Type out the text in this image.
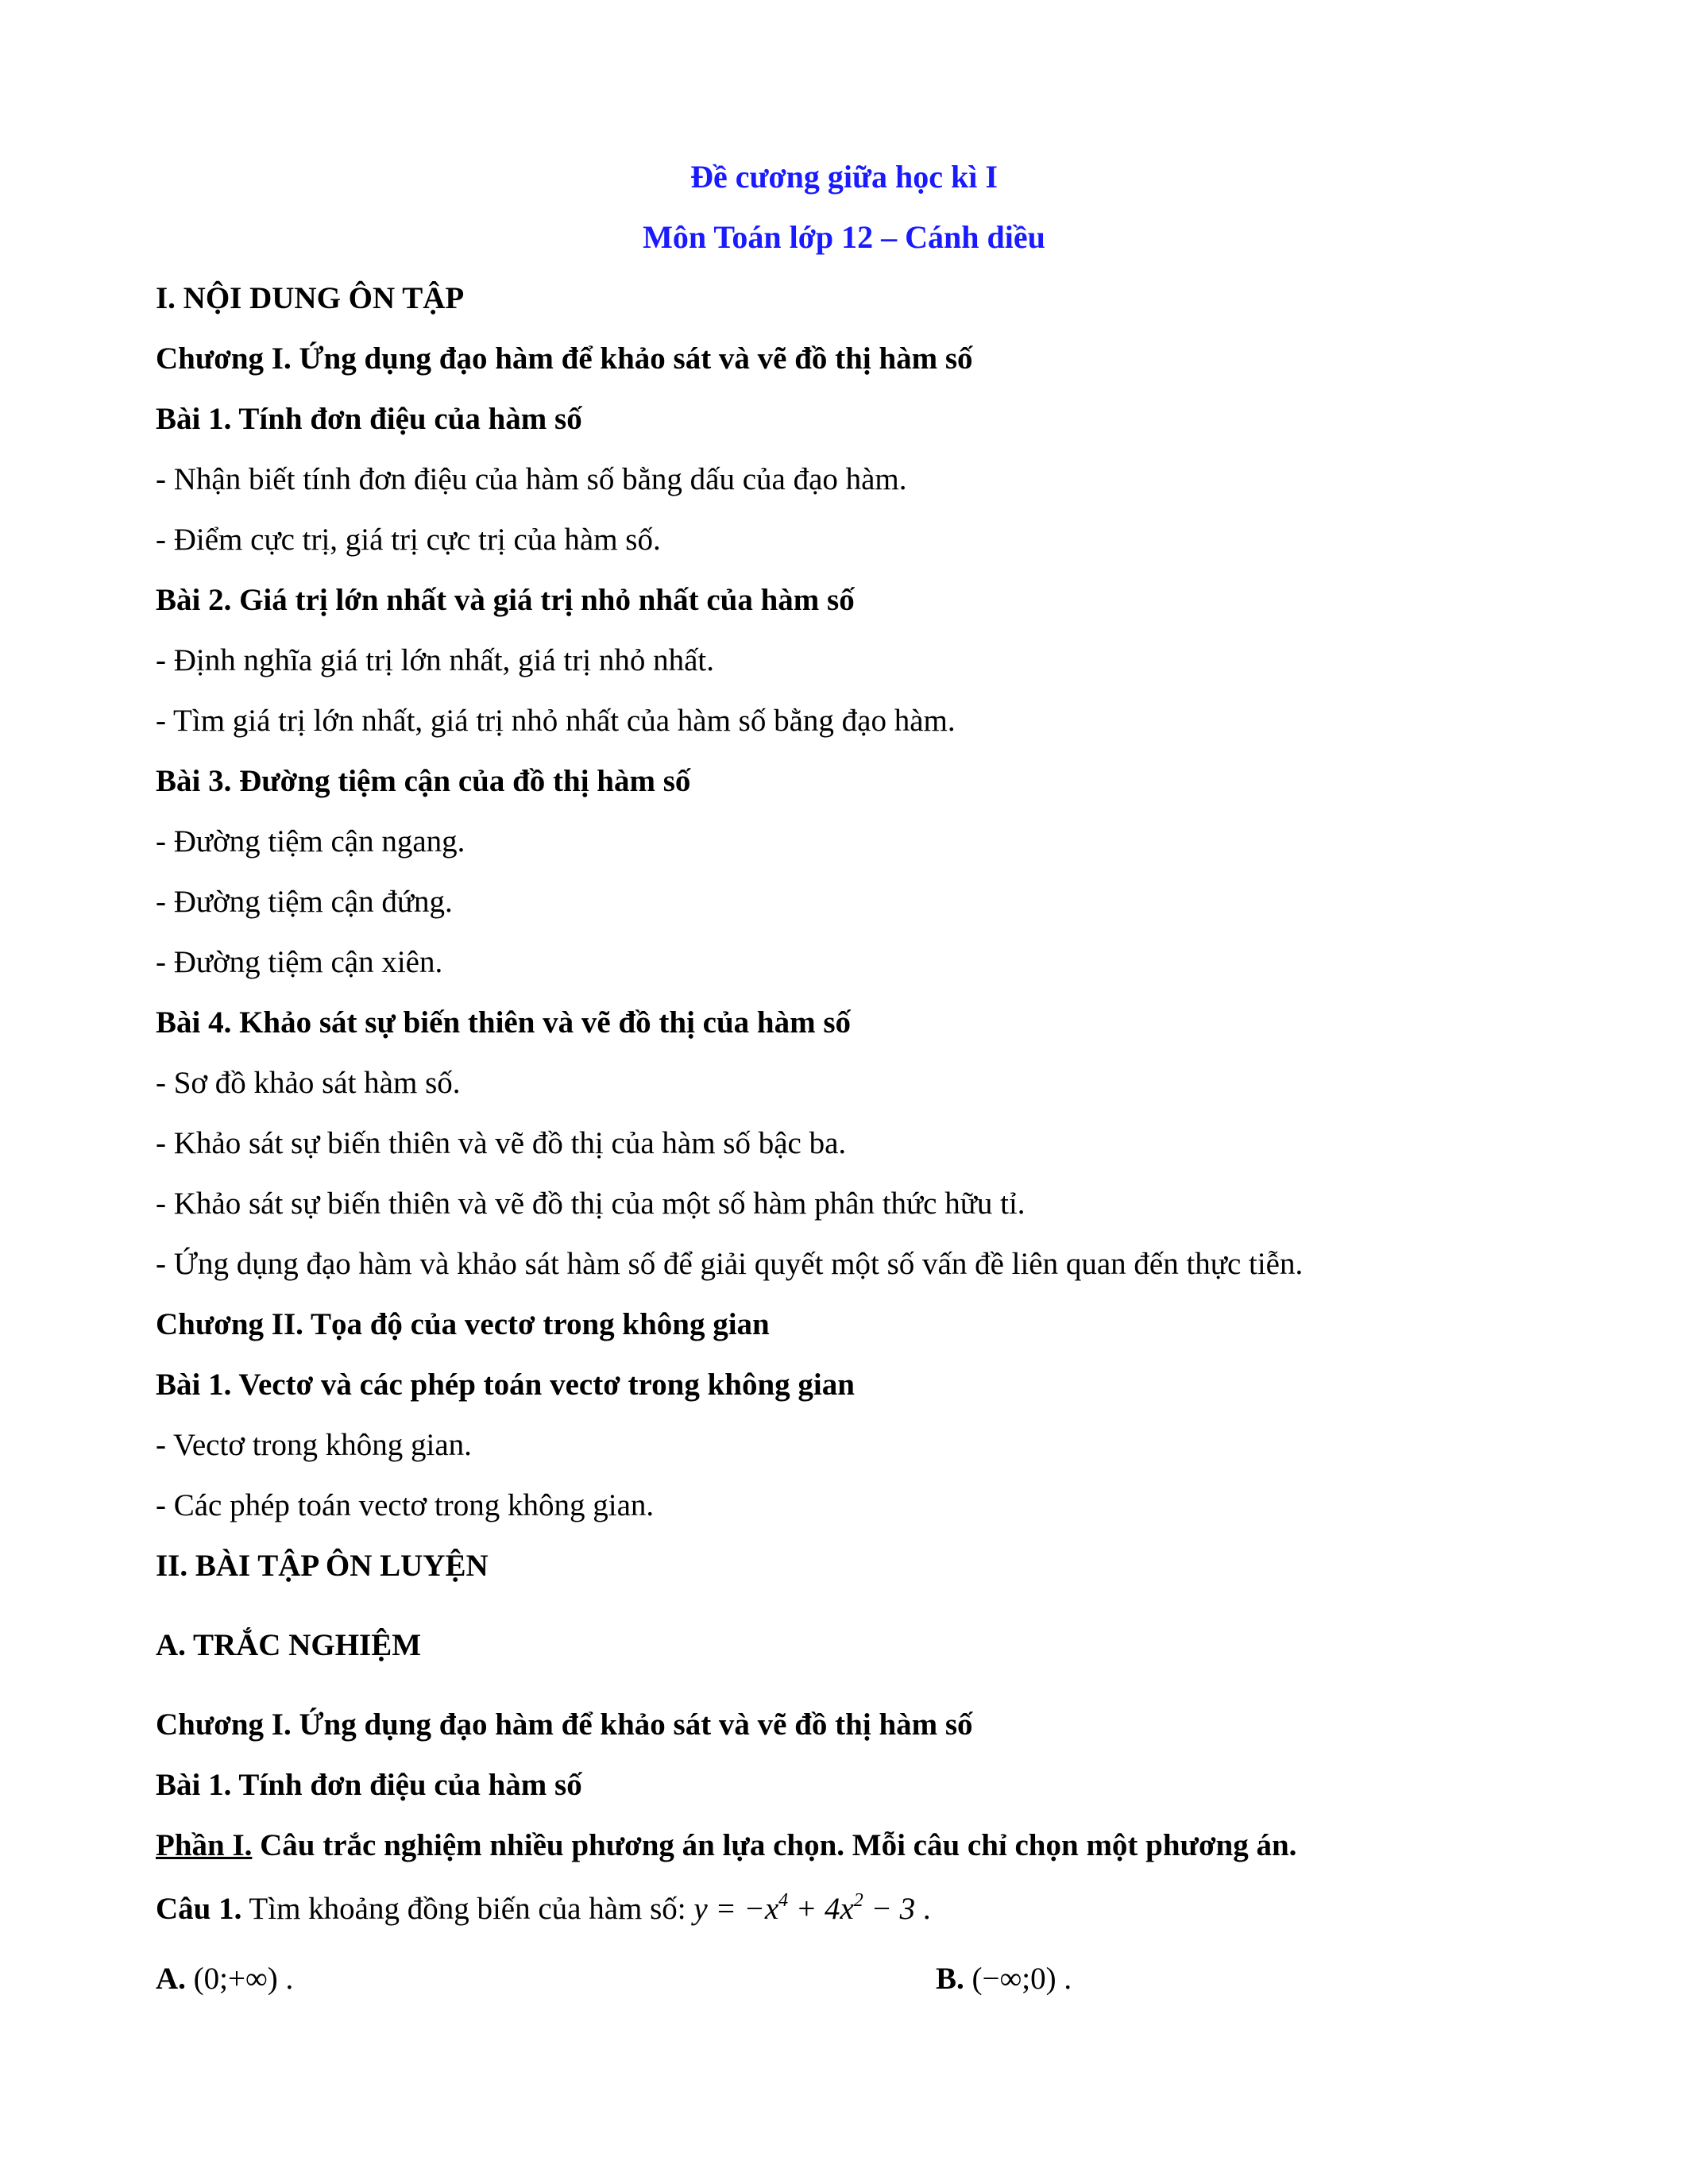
Đề cương giữa học kì I
Môn Toán lớp 12 – Cánh diều
I. NỘI DUNG ÔN TẬP
Chương I. Ứng dụng đạo hàm để khảo sát và vẽ đồ thị hàm số
Bài 1. Tính đơn điệu của hàm số
- Nhận biết tính đơn điệu của hàm số bằng dấu của đạo hàm.
- Điểm cực trị, giá trị cực trị của hàm số.
Bài 2. Giá trị lớn nhất và giá trị nhỏ nhất của hàm số
- Định nghĩa giá trị lớn nhất, giá trị nhỏ nhất.
- Tìm giá trị lớn nhất, giá trị nhỏ nhất của hàm số bằng đạo hàm.
Bài 3. Đường tiệm cận của đồ thị hàm số
- Đường tiệm cận ngang.
- Đường tiệm cận đứng.
- Đường tiệm cận xiên.
Bài 4. Khảo sát sự biến thiên và vẽ đồ thị của hàm số
- Sơ đồ khảo sát hàm số.
- Khảo sát sự biến thiên và vẽ đồ thị của hàm số bậc ba.
- Khảo sát sự biến thiên và vẽ đồ thị của một số hàm phân thức hữu tỉ.
- Ứng dụng đạo hàm và khảo sát hàm số để giải quyết một số vấn đề liên quan đến thực tiễn.
Chương II. Tọa độ của vectơ trong không gian
Bài 1. Vectơ và các phép toán vectơ trong không gian
- Vectơ trong không gian.
- Các phép toán vectơ trong không gian.
II. BÀI TẬP ÔN LUYỆN
A. TRẮC NGHIỆM
Chương I. Ứng dụng đạo hàm để khảo sát và vẽ đồ thị hàm số
Bài 1. Tính đơn điệu của hàm số
Phần I. Câu trắc nghiệm nhiều phương án lựa chọn. Mỗi câu chỉ chọn một phương án.
Câu 1. Tìm khoảng đồng biến của hàm số: $y = -x^4 + 4x^2 - 3$ .
A. (0;+∞) .	B. (−∞;0) .
